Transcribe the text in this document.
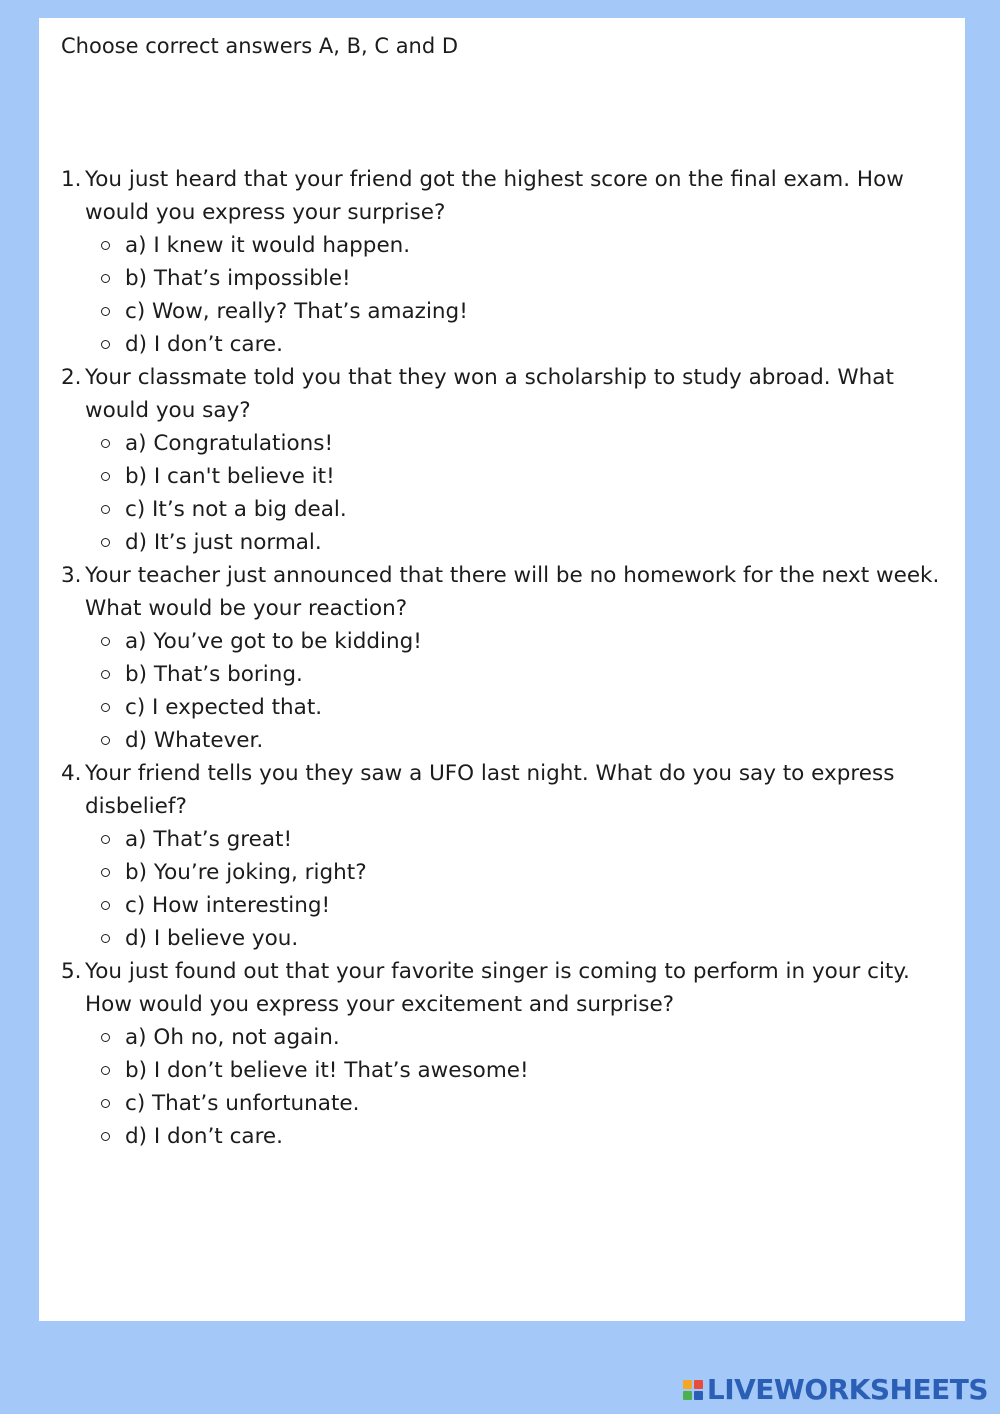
Choose correct answers A, B, C and D
1. You just heard that your friend got the highest score on the final exam. How would you express your surprise?
a) I knew it would happen.
b) That’s impossible!
c) Wow, really? That’s amazing!
d) I don’t care.
2. Your classmate told you that they won a scholarship to study abroad. What would you say?
a) Congratulations!
b) I can't believe it!
c) It’s not a big deal.
d) It’s just normal.
3. Your teacher just announced that there will be no homework for the next week. What would be your reaction?
a) You’ve got to be kidding!
b) That’s boring.
c) I expected that.
d) Whatever.
4. Your friend tells you they saw a UFO last night. What do you say to express disbelief?
a) That’s great!
b) You’re joking, right?
c) How interesting!
d) I believe you.
5. You just found out that your favorite singer is coming to perform in your city. How would you express your excitement and surprise?
a) Oh no, not again.
b) I don’t believe it! That’s awesome!
c) That’s unfortunate.
d) I don’t care.
LIVEWORKSHEETS
